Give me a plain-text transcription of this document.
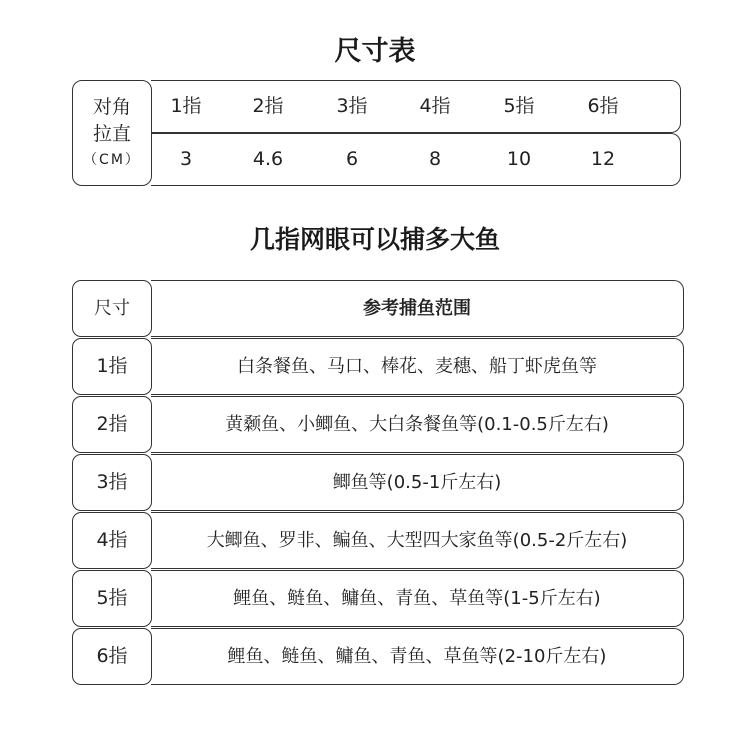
尺寸表
对角
拉直
（CM）
1指	2指	3指	4指	5指	6指
3	4.6	6	8	10	12
几指网眼可以捕多大鱼
尺寸	参考捕鱼范围
1指	白条餐鱼、马口、棒花、麦穗、船丁虾虎鱼等
2指	黄颡鱼、小鲫鱼、大白条餐鱼等(0.1-0.5斤左右)
3指	鲫鱼等(0.5-1斤左右)
4指	大鲫鱼、罗非、鳊鱼、大型四大家鱼等(0.5-2斤左右)
5指	鲤鱼、鲢鱼、鳙鱼、青鱼、草鱼等(1-5斤左右)
6指	鲤鱼、鲢鱼、鳙鱼、青鱼、草鱼等(2-10斤左右)
